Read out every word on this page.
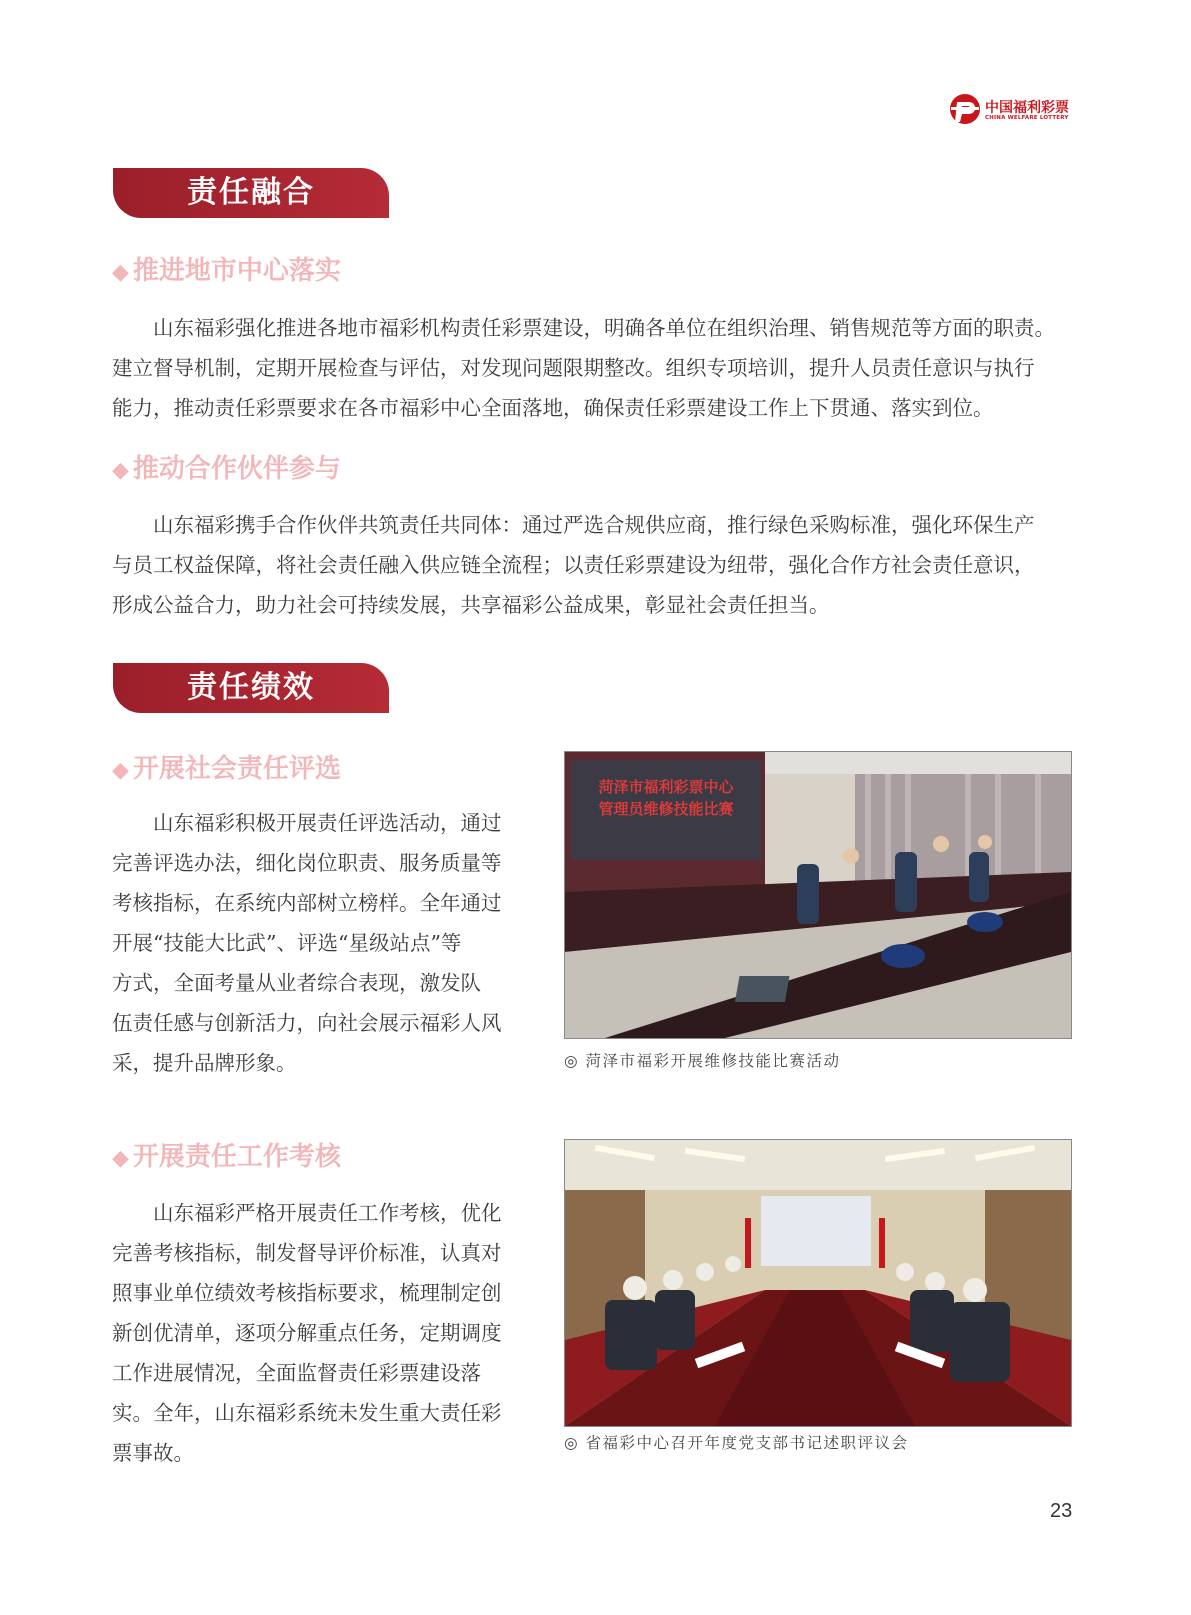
中国福利彩票
CHINA WELFARE LOTTERY
责任融合
◆ 推进地市中心落实

山东福彩强化推进各地市福彩机构责任彩票建设，明确各单位在组织治理、销售规范等方面的职责。
建立督导机制，定期开展检查与评估，对发现问题限期整改。组织专项培训，提升人员责任意识与执行
能力，推动责任彩票要求在各市福彩中心全面落地，确保责任彩票建设工作上下贯通、落实到位。

◆ 推动合作伙伴参与

山东福彩携手合作伙伴共筑责任共同体：通过严选合规供应商，推行绿色采购标准，强化环保生产
与员工权益保障，将社会责任融入供应链全流程；以责任彩票建设为纽带，强化合作方社会责任意识，
形成公益合力，助力社会可持续发展，共享福彩公益成果，彰显社会责任担当。

责任绩效
◆ 开展社会责任评选

山东福彩积极开展责任评选活动，通过
完善评选办法，细化岗位职责、服务质量等
考核指标，在系统内部树立榜样。全年通过
开展“技能大比武”、评选“星级站点”等
方式，全面考量从业者综合表现，激发队
伍责任感与创新活力，向社会展示福彩人风
采，提升品牌形象。

菏泽市福利彩票中心
管理员维修技能比赛
◎ 菏泽市福彩开展维修技能比赛活动
◆ 开展责任工作考核

山东福彩严格开展责任工作考核，优化
完善考核指标，制发督导评价标准，认真对
照事业单位绩效考核指标要求，梳理制定创
新创优清单，逐项分解重点任务，定期调度
工作进展情况，全面监督责任彩票建设落
实。全年，山东福彩系统未发生重大责任彩
票事故。	◎ 省福彩中心召开年度党支部书记述职评议会
23
